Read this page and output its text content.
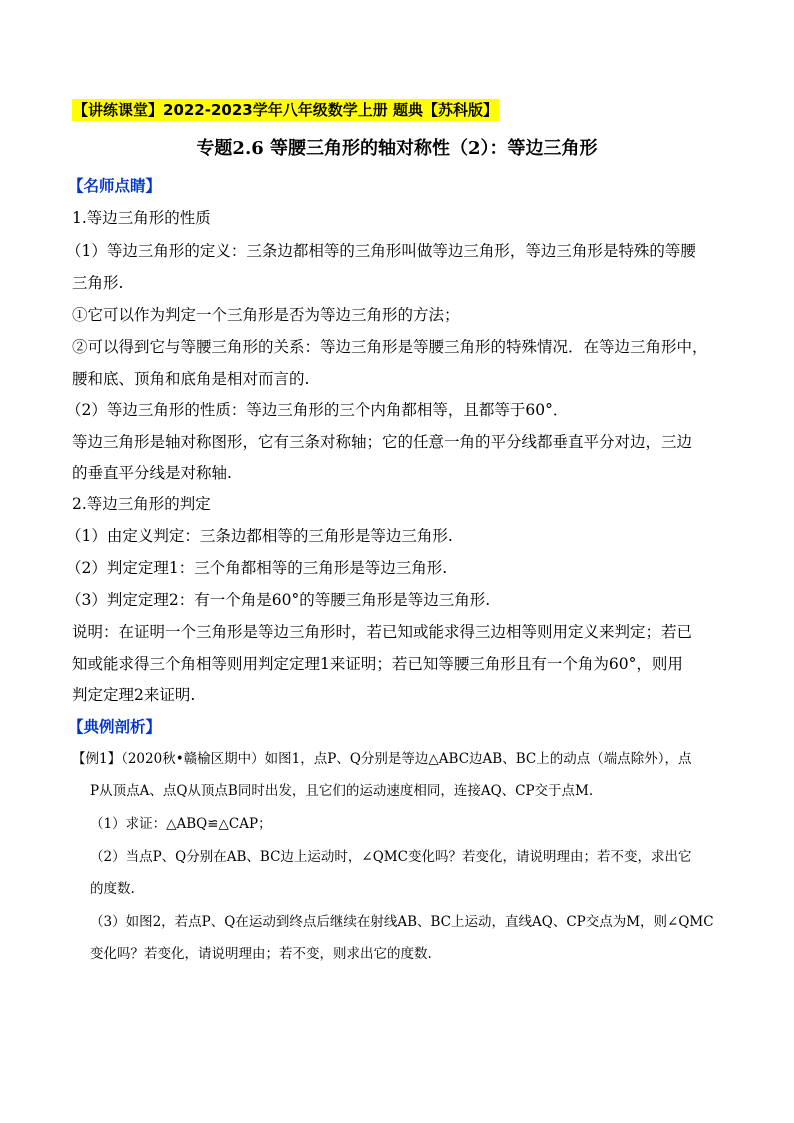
【讲练课堂】2022-2023学年八年级数学上册 题典【苏科版】
专题2.6 等腰三角形的轴对称性（2）：等边三角形
【名师点睛】
1.等边三角形的性质
（1）等边三角形的定义：三条边都相等的三角形叫做等边三角形，等边三角形是特殊的等腰
三角形.
①它可以作为判定一个三角形是否为等边三角形的方法；
②可以得到它与等腰三角形的关系：等边三角形是等腰三角形的特殊情况．在等边三角形中，
腰和底、顶角和底角是相对而言的.
（2）等边三角形的性质：等边三角形的三个内角都相等，且都等于60°．
等边三角形是轴对称图形，它有三条对称轴；它的任意一角的平分线都垂直平分对边，三边
的垂直平分线是对称轴.
2.等边三角形的判定
（1）由定义判定：三条边都相等的三角形是等边三角形.
（2）判定定理1：三个角都相等的三角形是等边三角形.
（3）判定定理2：有一个角是60°的等腰三角形是等边三角形.
说明：在证明一个三角形是等边三角形时，若已知或能求得三边相等则用定义来判定；若已
知或能求得三个角相等则用判定定理1来证明；若已知等腰三角形且有一个角为60°，则用
判定定理2来证明.
【典例剖析】
【例1】（2020秋•赣榆区期中）如图1，点P、Q分别是等边△ABC边AB、BC上的动点（端点除外），点
P从顶点A、点Q从顶点B同时出发，且它们的运动速度相同，连接AQ、CP交于点M.
（1）求证：△ABQ≌△CAP；
（2）当点P、Q分别在AB、BC边上运动时，∠QMC变化吗？若变化，请说明理由；若不变，求出它
的度数.
（3）如图2，若点P、Q在运动到终点后继续在射线AB、BC上运动，直线AQ、CP交点为M，则∠QMC
变化吗？若变化，请说明理由；若不变，则求出它的度数.
